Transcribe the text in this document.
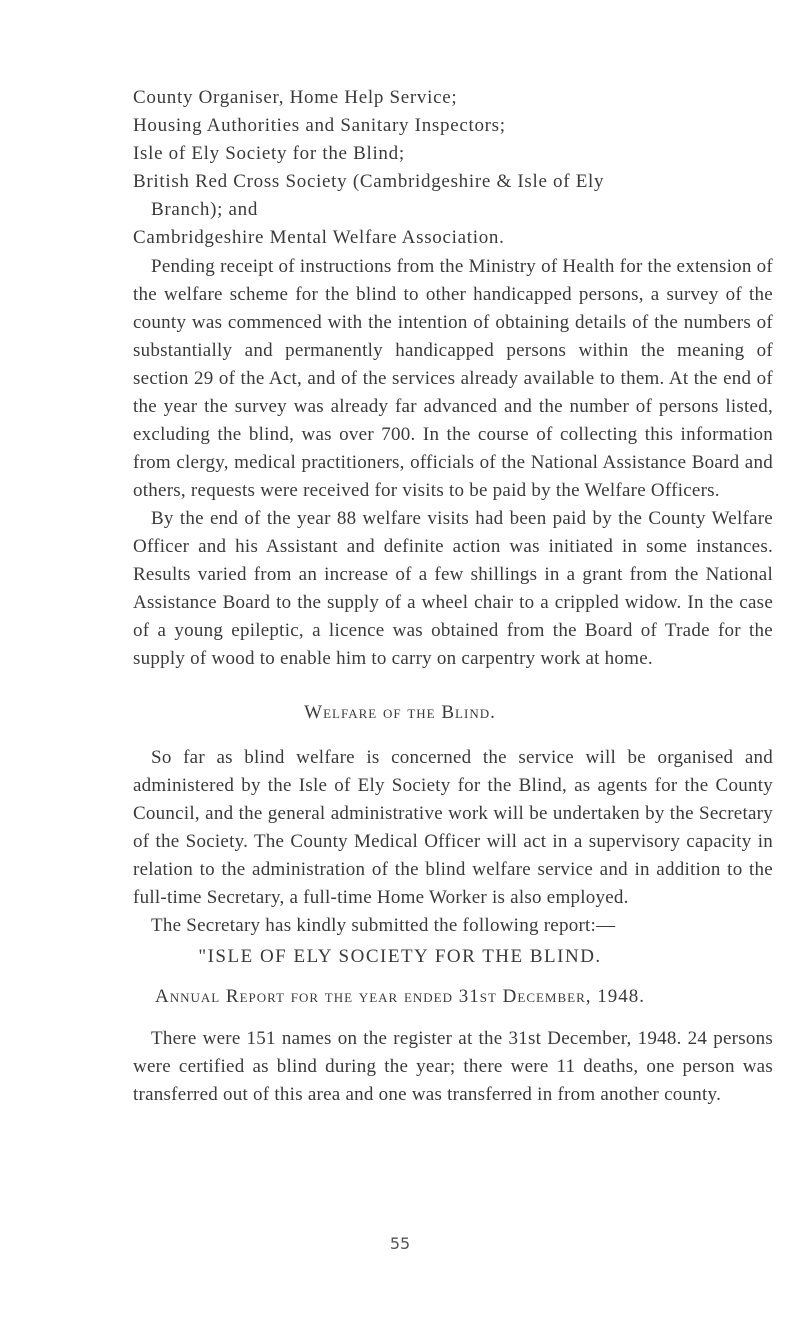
County Organiser, Home Help Service;
Housing Authorities and Sanitary Inspectors;
Isle of Ely Society for the Blind;
British Red Cross Society (Cambridgeshire & Isle of Ely
Branch); and
Cambridgeshire Mental Welfare Association.

Pending receipt of instructions from the Ministry of Health for the extension of the welfare scheme for the blind to other handicapped persons, a survey of the county was commenced with the intention of obtaining details of the numbers of substantially and permanently handicapped persons within the meaning of section 29 of the Act, and of the services already available to them. At the end of the year the survey was already far advanced and the number of persons listed, excluding the blind, was over 700. In the course of collecting this information from clergy, medical practitioners, officials of the National Assistance Board and others, requests were received for visits to be paid by the Welfare Officers.

By the end of the year 88 welfare visits had been paid by the County Welfare Officer and his Assistant and definite action was initiated in some instances. Results varied from an increase of a few shillings in a grant from the National Assistance Board to the supply of a wheel chair to a crippled widow. In the case of a young epileptic, a licence was obtained from the Board of Trade for the supply of wood to enable him to carry on carpentry work at home.

Welfare of the Blind.

So far as blind welfare is concerned the service will be organised and administered by the Isle of Ely Society for the Blind, as agents for the County Council, and the general administrative work will be undertaken by the Secretary of the Society. The County Medical Officer will act in a supervisory capacity in relation to the administration of the blind welfare service and in addition to the full-time Secretary, a full-time Home Worker is also employed.

The Secretary has kindly submitted the following report:—

"ISLE OF ELY SOCIETY FOR THE BLIND.
Annual Report for the year ended 31st December, 1948.

There were 151 names on the register at the 31st December, 1948. 24 persons were certified as blind during the year; there were 11 deaths, one person was transferred out of this area and one was transferred in from another county.

55
